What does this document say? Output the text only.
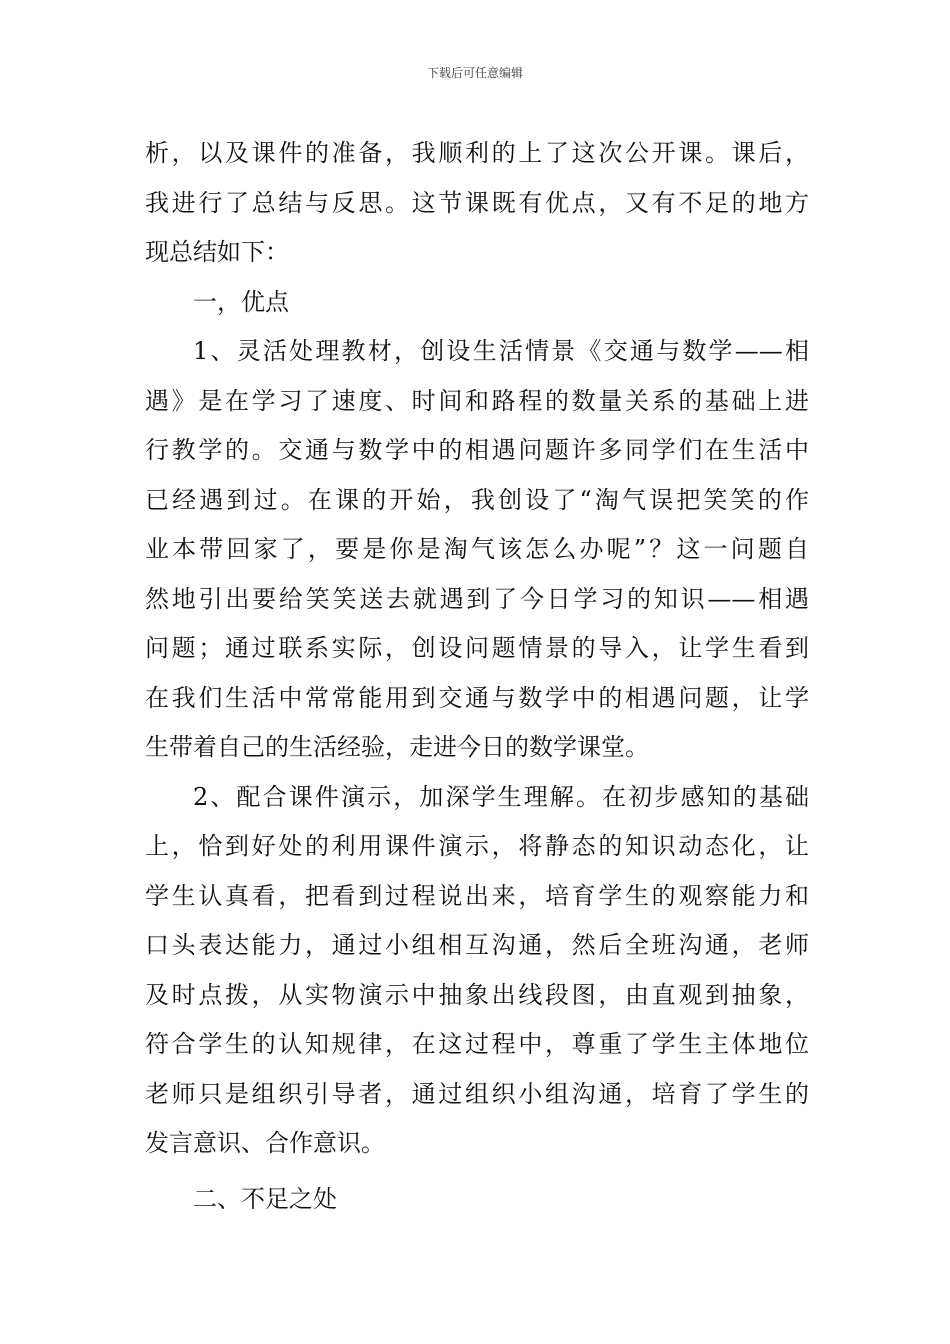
下载后可任意编辑
析，以及课件的准备，我顺利的上了这次公开课。课后，
我进行了总结与反思。这节课既有优点，又有不足的地方
现总结如下：
一，优点
1、灵活处理教材，创设生活情景《交通与数学——相
遇》是在学习了速度、时间和路程的数量关系的基础上进
行教学的。交通与数学中的相遇问题许多同学们在生活中
已经遇到过。在课的开始，我创设了“淘气误把笑笑的作
业本带回家了，要是你是淘气该怎么办呢”？这一问题自
然地引出要给笑笑送去就遇到了今日学习的知识——相遇
问题；通过联系实际，创设问题情景的导入，让学生看到
在我们生活中常常能用到交通与数学中的相遇问题，让学
生带着自己的生活经验，走进今日的数学课堂。
2、配合课件演示，加深学生理解。在初步感知的基础
上，恰到好处的利用课件演示，将静态的知识动态化，让
学生认真看，把看到过程说出来，培育学生的观察能力和
口头表达能力，通过小组相互沟通，然后全班沟通，老师
及时点拨，从实物演示中抽象出线段图，由直观到抽象，
符合学生的认知规律，在这过程中，尊重了学生主体地位
老师只是组织引导者，通过组织小组沟通，培育了学生的
发言意识、合作意识。
二、不足之处
